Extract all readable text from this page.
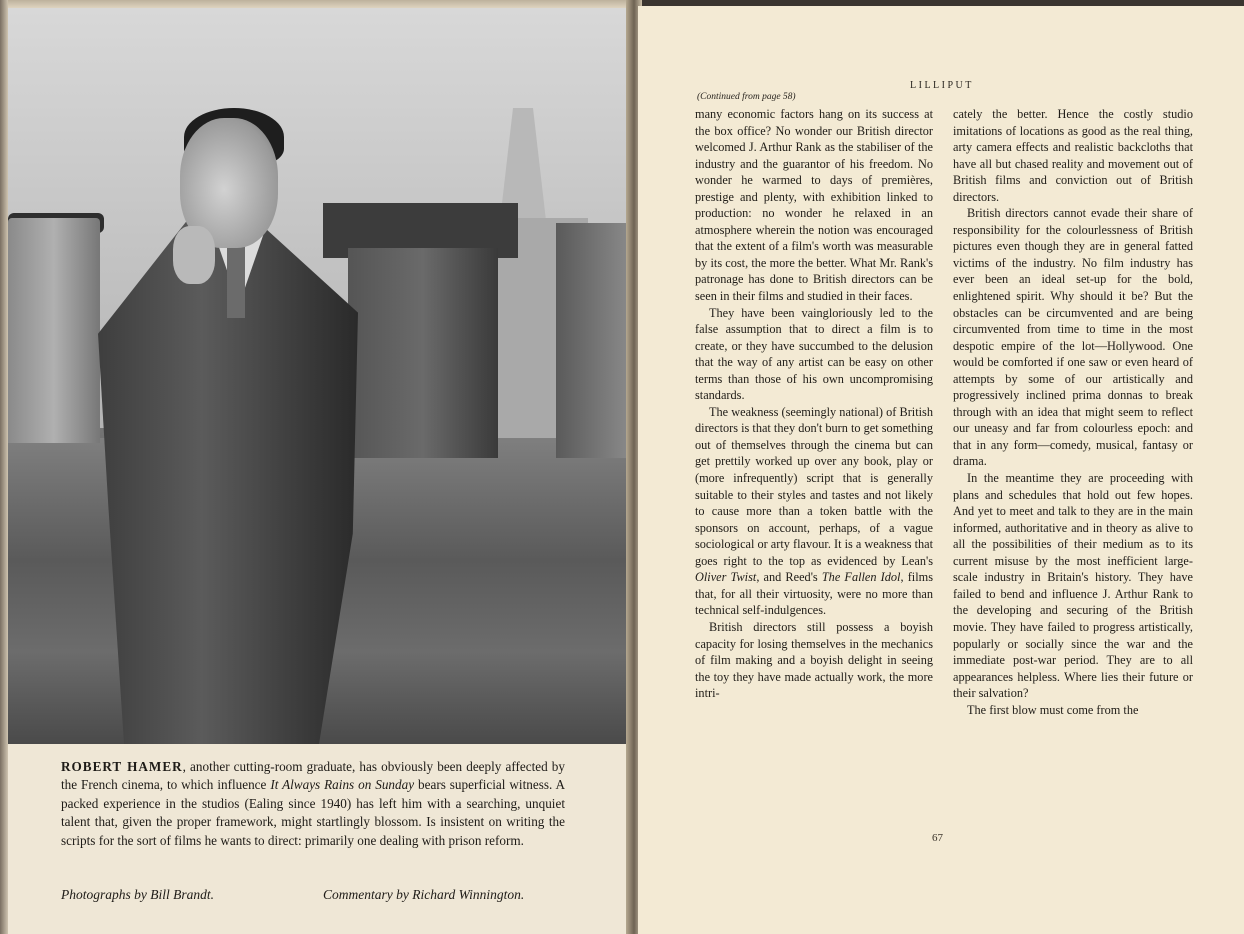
ROBERT HAMER, another cutting-room graduate, has obviously been deeply affected by the French cinema, to which influence It Always Rains on Sunday bears superficial witness. A packed experience in the studios (Ealing since 1940) has left him with a searching, unquiet talent that, given the proper framework, might startlingly blossom. Is insistent on writing the scripts for the sort of films he wants to direct: primarily one dealing with prison reform.

Photographs by Bill Brandt.	Commentary by Richard Winnington.
LILLIPUT
(Continued from page 58)

many economic factors hang on its success at the box office? No wonder our British director welcomed J. Arthur Rank as the stabiliser of the industry and the guarantor of his freedom. No wonder he warmed to days of premières, prestige and plenty, with exhibition linked to production: no wonder he relaxed in an atmosphere wherein the notion was encouraged that the extent of a film's worth was measurable by its cost, the more the better. What Mr. Rank's patronage has done to British directors can be seen in their films and studied in their faces.

They have been vaingloriously led to the false assumption that to direct a film is to create, or they have succumbed to the delusion that the way of any artist can be easy on other terms than those of his own uncompromising standards.

The weakness (seemingly national) of British directors is that they don't burn to get something out of themselves through the cinema but can get prettily worked up over any book, play or (more infrequently) script that is generally suitable to their styles and tastes and not likely to cause more than a token battle with the sponsors on account, perhaps, of a vague sociological or arty flavour. It is a weakness that goes right to the top as evidenced by Lean's Oliver Twist, and Reed's The Fallen Idol, films that, for all their virtuosity, were no more than technical self-indulgences.

British directors still possess a boyish capacity for losing themselves in the mechanics of film making and a boyish delight in seeing the toy they have made actually work, the more intri-

cately the better. Hence the costly studio imitations of locations as good as the real thing, arty camera effects and realistic backcloths that have all but chased reality and movement out of British films and conviction out of British directors.

British directors cannot evade their share of responsibility for the colourlessness of British pictures even though they are in general fatted victims of the industry. No film industry has ever been an ideal set-up for the bold, enlightened spirit. Why should it be? But the obstacles can be circumvented and are being circumvented from time to time in the most despotic empire of the lot—Hollywood. One would be comforted if one saw or even heard of attempts by some of our artistically and progressively inclined prima donnas to break through with an idea that might seem to reflect our uneasy and far from colourless epoch: and that in any form—comedy, musical, fantasy or drama.

In the meantime they are proceeding with plans and schedules that hold out few hopes. And yet to meet and talk to they are in the main informed, authoritative and in theory as alive to all the possibilities of their medium as to its current misuse by the most inefficient large-scale industry in Britain's history. They have failed to bend and influence J. Arthur Rank to the developing and securing of the British movie. They have failed to progress artistically, popularly or socially since the war and the immediate post-war period. They are to all appearances helpless. Where lies their future or their salvation?

The first blow must come from the

67
